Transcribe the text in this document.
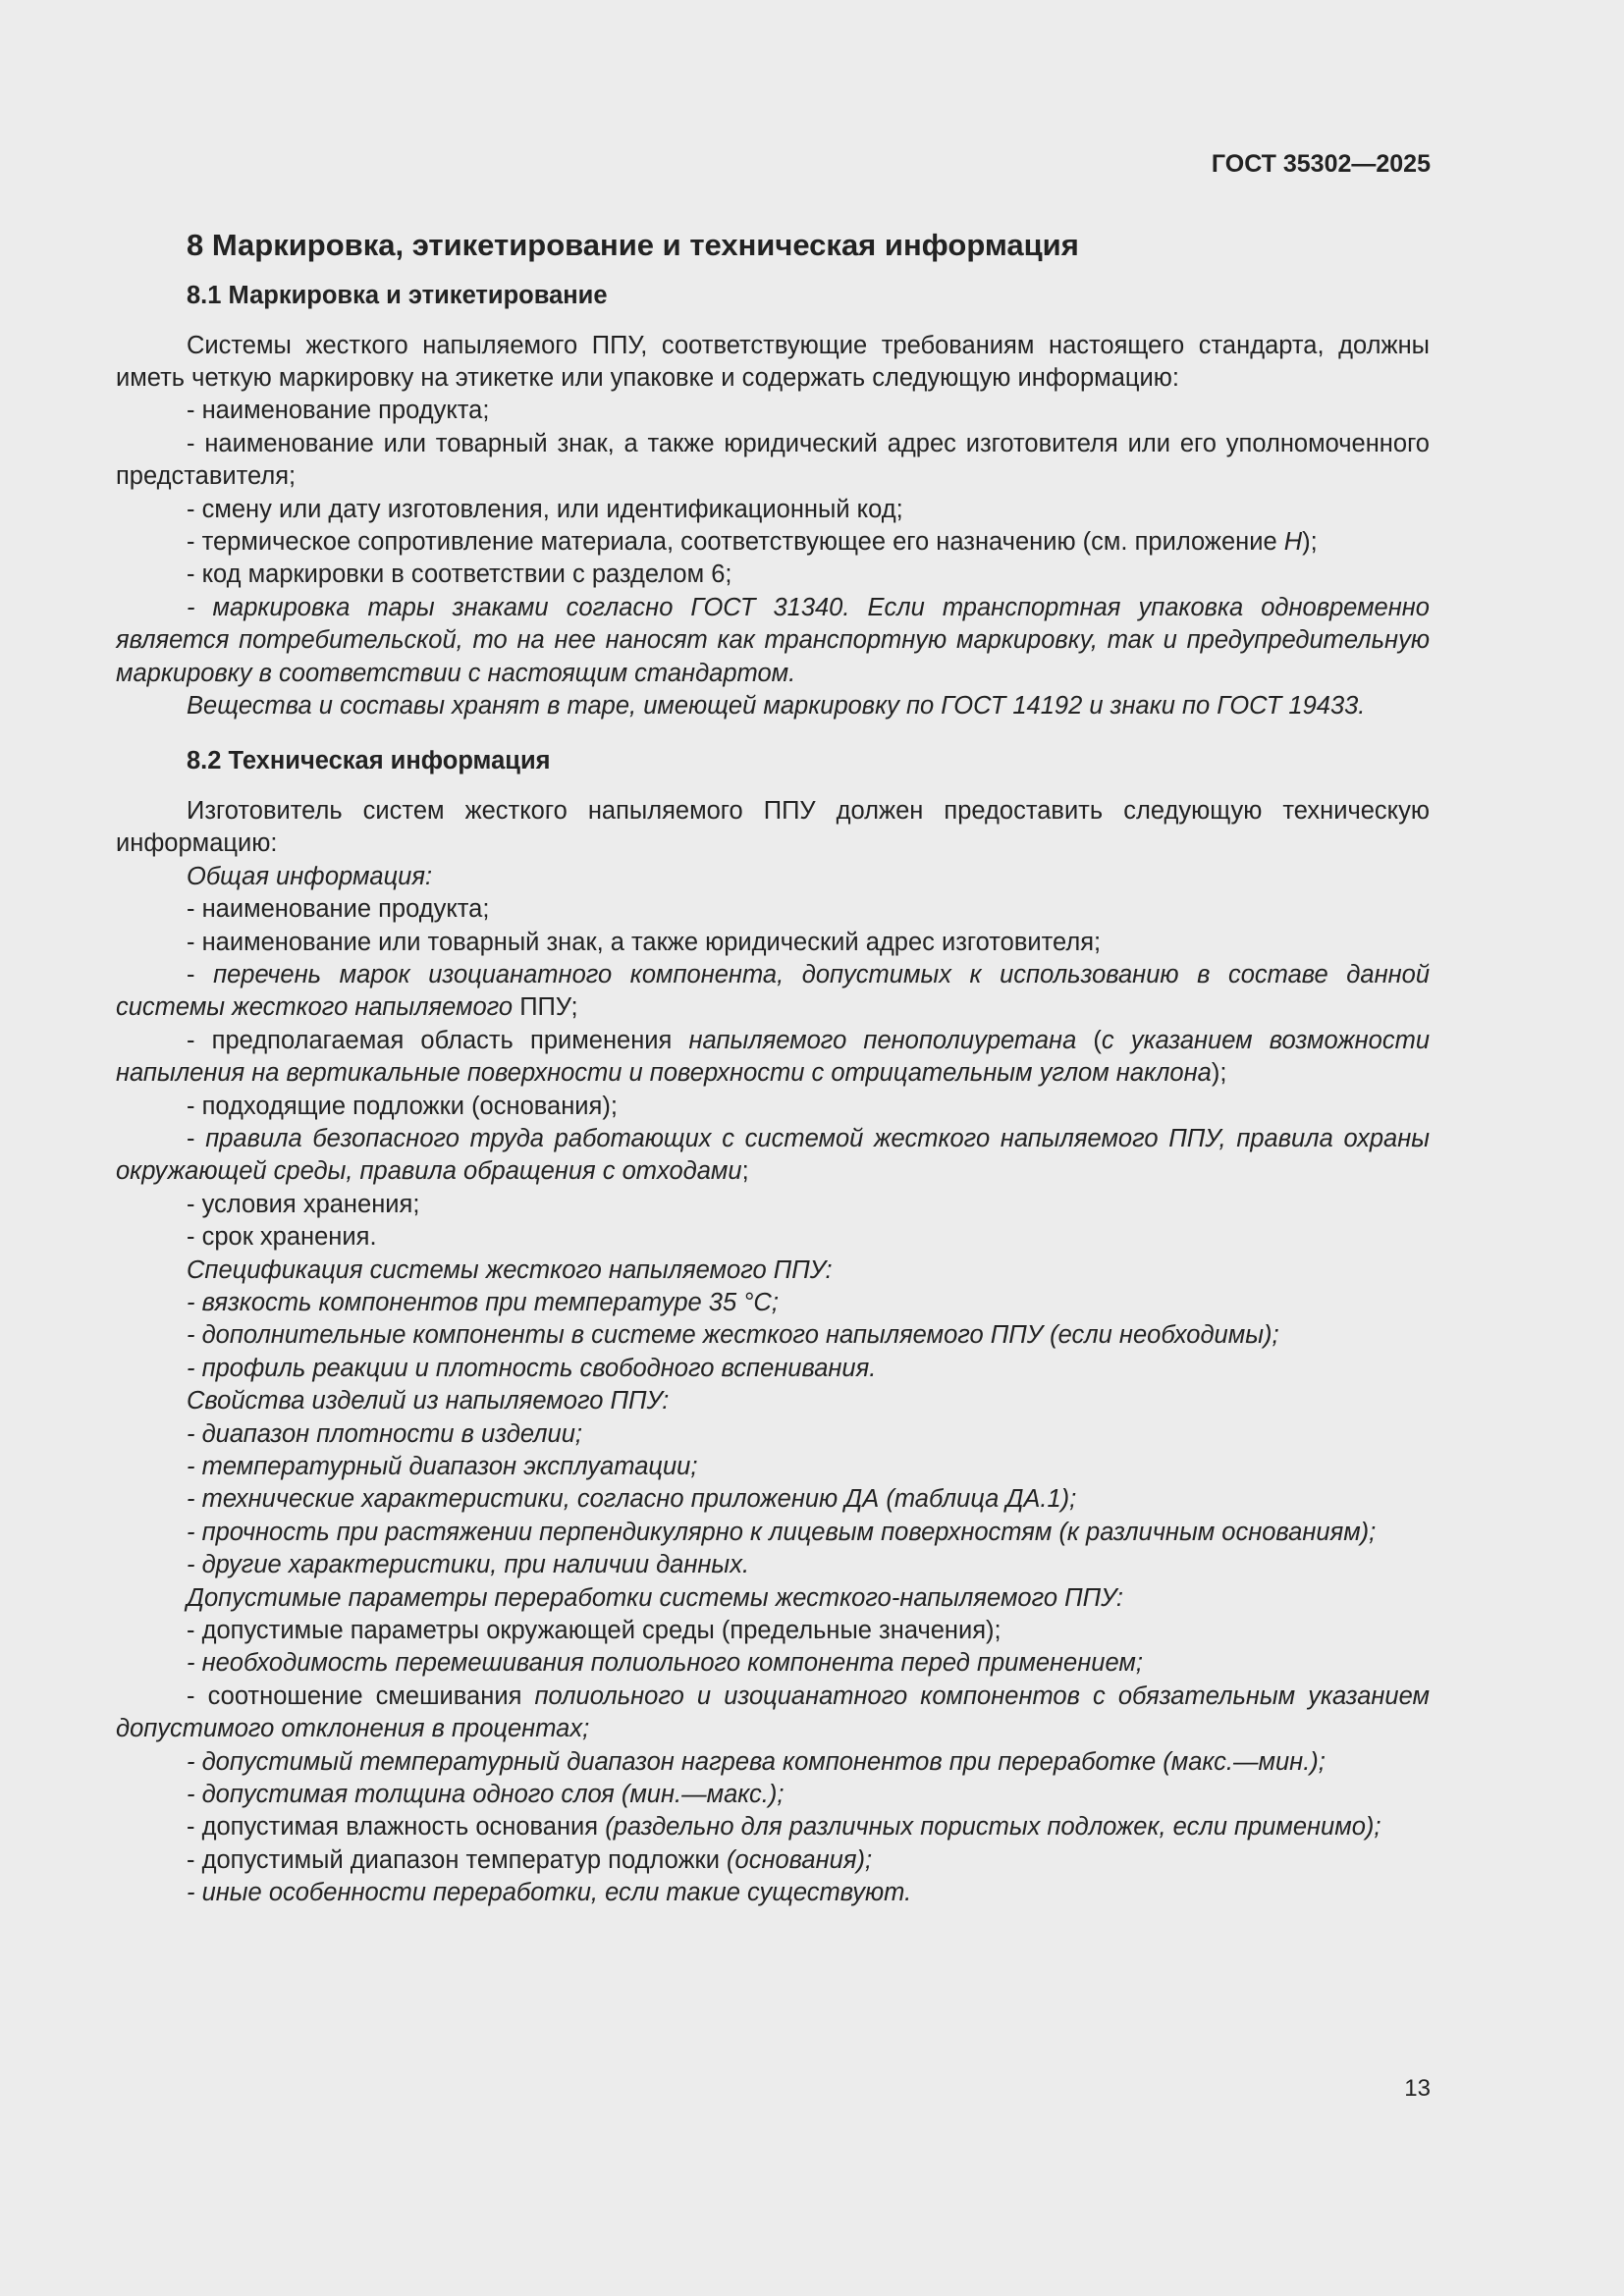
ГОСТ 35302—2025
8 Маркировка, этикетирование и техническая информация
8.1 Маркировка и этикетирование

Системы жесткого напыляемого ППУ, соответствующие требованиям настоящего стандарта, должны иметь четкую маркировку на этикетке или упаковке и содержать следующую информацию:

- наименование продукта;

- наименование или товарный знак, а также юридический адрес изготовителя или его уполномоченного представителя;

- смену или дату изготовления, или идентификационный код;

- термическое сопротивление материала, соответствующее его назначению (см. приложение Н);

- код маркировки в соответствии с разделом 6;

- маркировка тары знаками согласно ГОСТ 31340. Если транспортная упаковка одновременно является потребительской, то на нее наносят как транспортную маркировку, так и предупредительную маркировку в соответствии с настоящим стандартом.

Вещества и составы хранят в таре, имеющей маркировку по ГОСТ 14192 и знаки по ГОСТ 19433.

8.2 Техническая информация

Изготовитель систем жесткого напыляемого ППУ должен предоставить следующую техническую информацию:

Общая информация:

- наименование продукта;

- наименование или товарный знак, а также юридический адрес изготовителя;

- перечень марок изоцианатного компонента, допустимых к использованию в составе данной системы жесткого напыляемого ППУ;

- предполагаемая область применения напыляемого пенополиуретана (с указанием возможности напыления на вертикальные поверхности и поверхности с отрицательным углом наклона);

- подходящие подложки (основания);

- правила безопасного труда работающих с системой жесткого напыляемого ППУ, правила охраны окружающей среды, правила обращения с отходами;

- условия хранения;

- срок хранения.

Спецификация системы жесткого напыляемого ППУ:

- вязкость компонентов при температуре 35 °С;

- дополнительные компоненты в системе жесткого напыляемого ППУ (если необходимы);

- профиль реакции и плотность свободного вспенивания.

Свойства изделий из напыляемого ППУ:

- диапазон плотности в изделии;

- температурный диапазон эксплуатации;

- технические характеристики, согласно приложению ДА (таблица ДА.1);

- прочность при растяжении перпендикулярно к лицевым поверхностям (к различным основаниям);

- другие характеристики, при наличии данных.

Допустимые параметры переработки системы жесткого-напыляемого ППУ:

- допустимые параметры окружающей среды (предельные значения);

- необходимость перемешивания полиольного компонента перед применением;

- соотношение смешивания полиольного и изоцианатного компонентов с обязательным указанием допустимого отклонения в процентах;

- допустимый температурный диапазон нагрева компонентов при переработке (макс.—мин.);

- допустимая толщина одного слоя (мин.—макс.);

- допустимая влажность основания (раздельно для различных пористых подложек, если применимо);

- допустимый диапазон температур подложки (основания);

- иные особенности переработки, если такие существуют.

13
